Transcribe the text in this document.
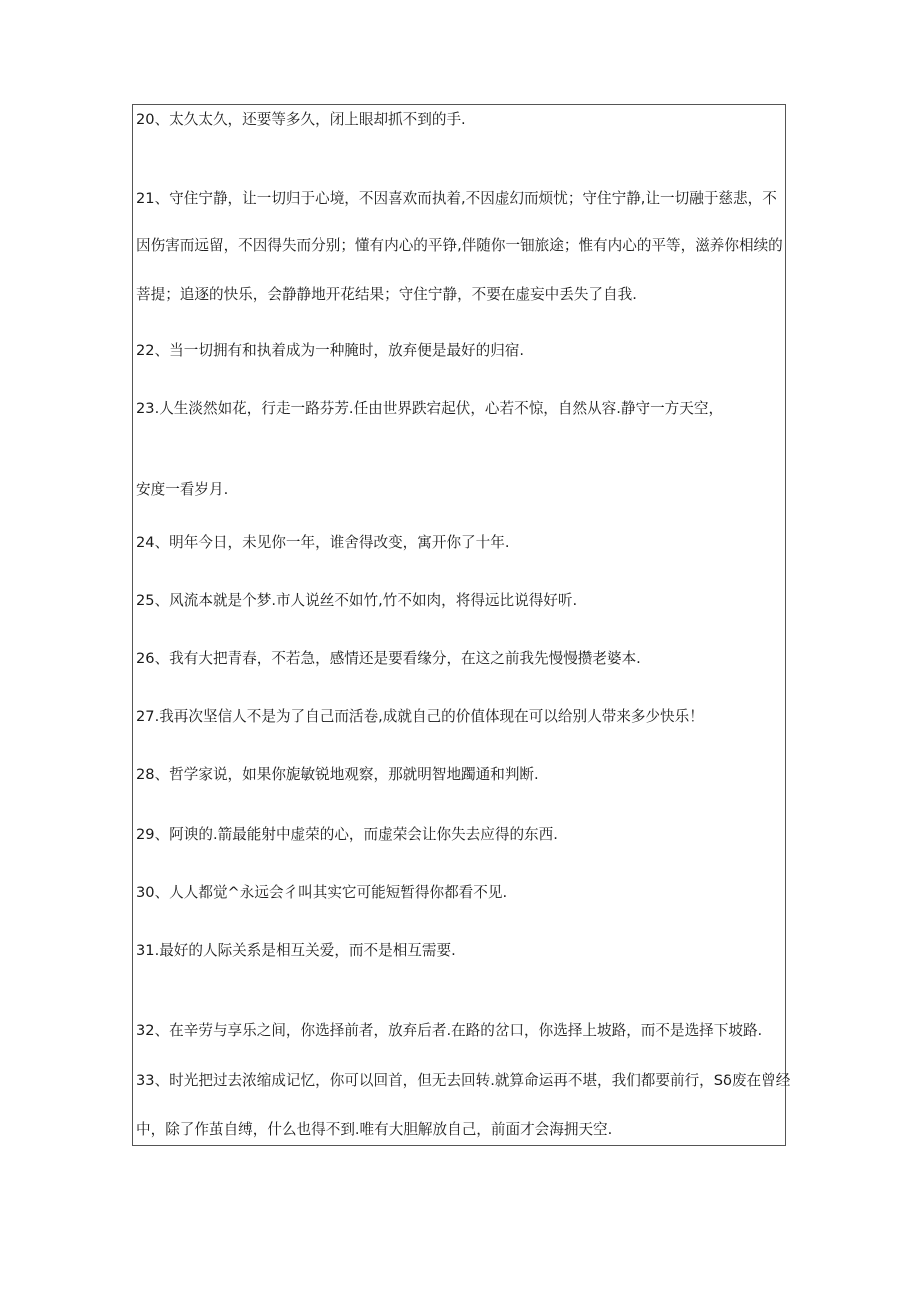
20、太久太久，还要等多久，闭上眼却抓不到的手.
21、守住宁静，让一切归于心境，不因喜欢而执着,不因虚幻而烦忧；守住宁静,让一切融于慈悲，不
因伤害而远留，不因得失而分别；懂有内心的平铮,伴随你一钿旅途；惟有内心的平等，滋养你相续的
菩提；追逐的快乐，会静静地开花结果；守住宁静，不要在虚妄中丢失了自我.
22、当一切拥有和执着成为一种腌时，放弃便是最好的归宿.
23.人生淡然如花，行走一路芬芳.任由世界跌宕起伏，心若不惊，自然从容.静守一方天空，
安度一看岁月.
24、明年今日，未见你一年，谁舍得改变，寓开你了十年.
25、风流本就是个梦.市人说丝不如竹,竹不如肉，将得远比说得好听.
26、我有大把青春，不若急，感情还是要看缘分，在这之前我先慢慢攒老婆本.
27.我再次坚信人不是为了自己而活卷,成就自己的价值体现在可以给别人带来多少快乐！
28、哲学家说，如果你旎敏锐地观察，那就明智地躅通和判断.
29、阿谀的.箭最能射中虚荣的心，而虚荣会让你失去应得的东西.
30、人人都觉^永远会彳叫其实它可能短暂得你都看不见.
31.最好的人际关系是相互关爱，而不是相互需要.
32、在辛劳与享乐之间，你选择前者，放弃后者.在路的岔口，你选择上坡路，而不是选择下坡路.
33、时光把过去浓缩成记忆，你可以回首，但无去回转.就算命运再不堪，我们都要前行，Sδ废在曾经
中，除了作茧自缚，什么也得不到.唯有大胆解放自己，前面才会海拥天空.
